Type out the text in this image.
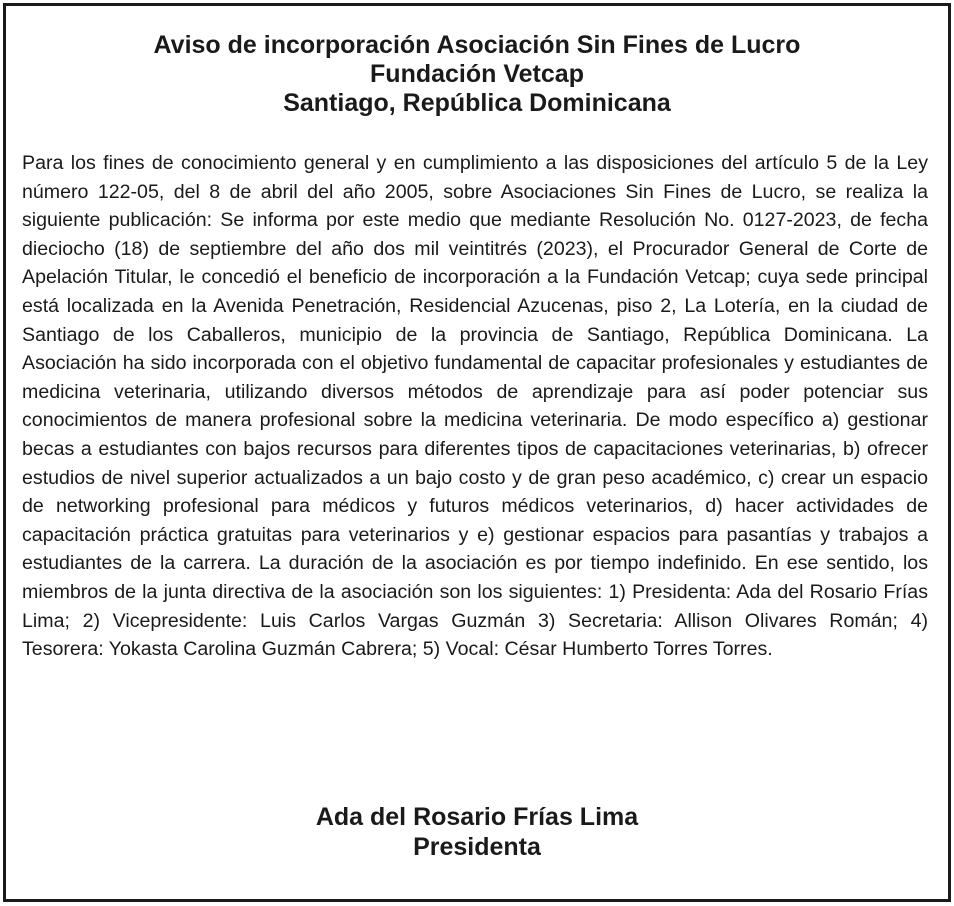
Aviso de incorporación Asociación Sin Fines de Lucro
Fundación Vetcap
Santiago, República Dominicana

Para los fines de conocimiento general y en cumplimiento a las disposiciones del artículo 5 de la Ley número 122-05, del 8 de abril del año 2005, sobre Asociaciones Sin Fines de Lucro, se realiza la siguiente publicación: Se informa por este medio que mediante Resolución No. 0127-2023, de fecha dieciocho (18) de septiembre del año dos mil veintitrés (2023), el Procurador General de Corte de Apelación Titular, le concedió el beneficio de incorporación a la Fundación Vetcap; cuya sede principal está localizada en la Avenida Penetración, Residencial Azucenas, piso 2, La Lotería, en la ciudad de Santiago de los Caballeros, municipio de la provincia de Santiago, República Dominicana. La Asociación ha sido incorporada con el objetivo fundamental de capacitar profesionales y estudiantes de medicina veterinaria, utilizando diversos métodos de aprendizaje para así poder potenciar sus conocimientos de manera profesional sobre la medicina veterinaria. De modo específico a) gestionar becas a estudiantes con bajos recursos para diferentes tipos de capacitaciones veterinarias, b) ofrecer estudios de nivel superior actualizados a un bajo costo y de gran peso académico, c) crear un espacio de networking profesional para médicos y futuros médicos veterinarios, d) hacer actividades de capacitación práctica gratuitas para veterinarios y e) gestionar espacios para pasantías y trabajos a estudiantes de la carrera. La duración de la asociación es por tiempo indefinido. En ese sentido, los miembros de la junta directiva de la asociación son los siguientes: 1) Presidenta: Ada del Rosario Frías Lima; 2) Vicepresidente: Luis Carlos Vargas Guzmán 3) Secretaria: Allison Olivares Román; 4) Tesorera: Yokasta Carolina Guzmán Cabrera; 5) Vocal: César Humberto Torres Torres.

Ada del Rosario Frías Lima
Presidenta
